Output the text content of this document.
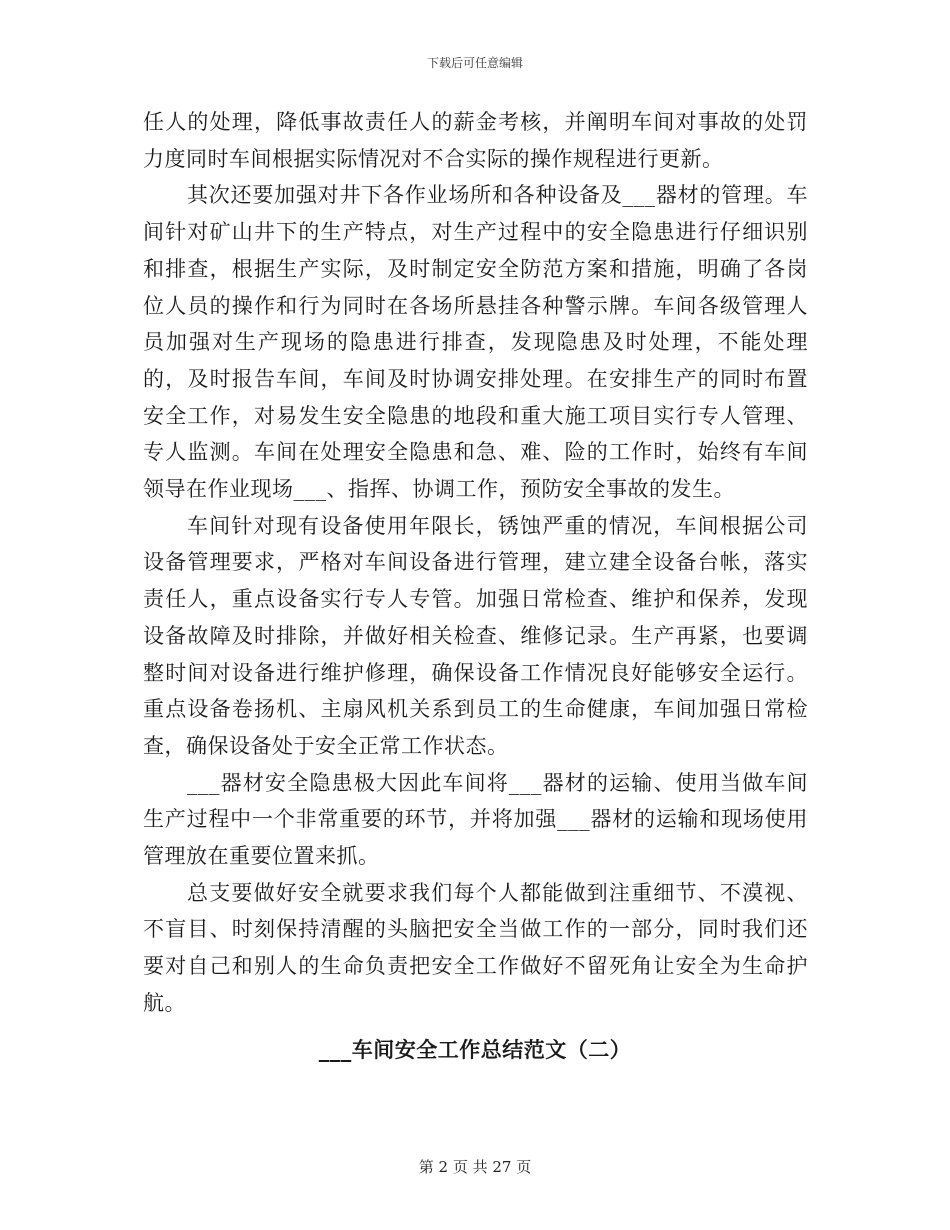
下载后可任意编辑

任人的处理，降低事故责任人的薪金考核，并阐明车间对事故的处罚力度同时车间根据实际情况对不合实际的操作规程进行更新。

其次还要加强对井下各作业场所和各种设备及___器材的管理。车间针对矿山井下的生产特点，对生产过程中的安全隐患进行仔细识别和排查，根据生产实际，及时制定安全防范方案和措施，明确了各岗位人员的操作和行为同时在各场所悬挂各种警示牌。车间各级管理人员加强对生产现场的隐患进行排查，发现隐患及时处理，不能处理的，及时报告车间，车间及时协调安排处理。在安排生产的同时布置安全工作，对易发生安全隐患的地段和重大施工项目实行专人管理、专人监测。车间在处理安全隐患和急、难、险的工作时，始终有车间领导在作业现场___、指挥、协调工作，预防安全事故的发生。

车间针对现有设备使用年限长，锈蚀严重的情况，车间根据公司设备管理要求，严格对车间设备进行管理，建立建全设备台帐，落实责任人，重点设备实行专人专管。加强日常检查、维护和保养，发现设备故障及时排除，并做好相关检查、维修记录。生产再紧，也要调整时间对设备进行维护修理，确保设备工作情况良好能够安全运行。重点设备卷扬机、主扇风机关系到员工的生命健康，车间加强日常检查，确保设备处于安全正常工作状态。

___器材安全隐患极大因此车间将___器材的运输、使用当做车间生产过程中一个非常重要的环节，并将加强___器材的运输和现场使用管理放在重要位置来抓。

总支要做好安全就要求我们每个人都能做到注重细节、不漠视、不盲目、时刻保持清醒的头脑把安全当做工作的一部分，同时我们还要对自己和别人的生命负责把安全工作做好不留死角让安全为生命护航。

___车间安全工作总结范文（二）
第 2 页 共 27 页
